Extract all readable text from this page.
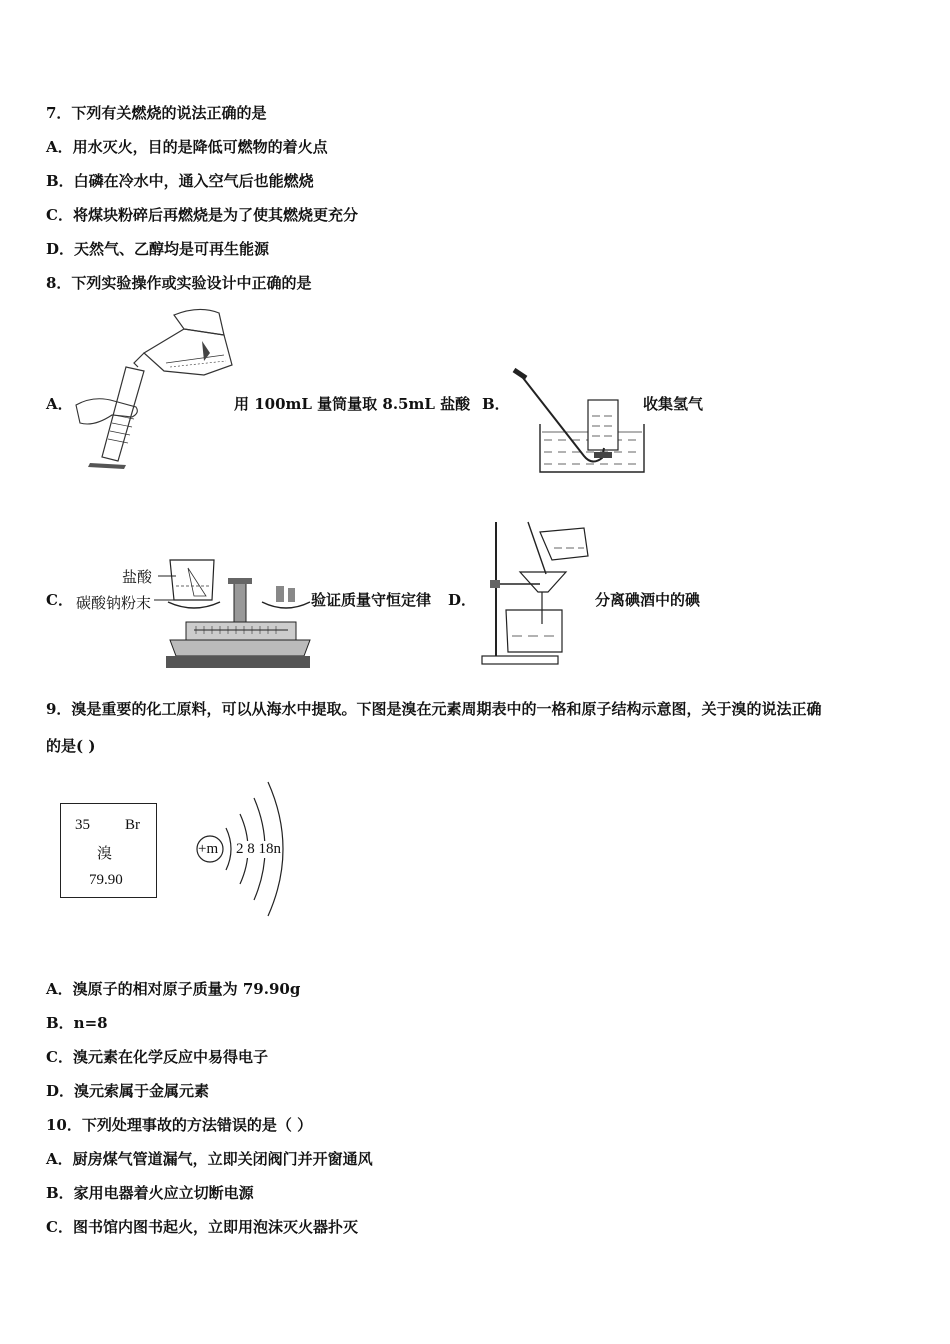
7．下列有关燃烧的说法正确的是
A．用水灭火，目的是降低可燃物的着火点
B．白磷在冷水中，通入空气后也能燃烧
C．将煤块粉碎后再燃烧是为了使其燃烧更充分
D．天然气、乙醇均是可再生能源
8．下列实验操作或实验设计中正确的是
A．	用 100mL 量筒量取 8.5mL 盐酸 B．	收集氢气
C．
盐酸
碳酸钠粉末	验证质量守恒定律 D．	分离碘酒中的碘
9．溴是重要的化工原料，可以从海水中提取。下图是溴在元素周期表中的一格和原子结构示意图，关于溴的说法正确
的是( )
35 Br
溴
79.90
+m 2 8 18n
A．溴原子的相对原子质量为 79.90g
B．n=8
C．溴元素在化学反应中易得电子
D．溴元索属于金属元素
10．下列处理事故的方法错误的是（ ）
A．厨房煤气管道漏气，立即关闭阀门并开窗通风
B．家用电器着火应立切断电源
C．图书馆内图书起火，立即用泡沫灭火器扑灭
